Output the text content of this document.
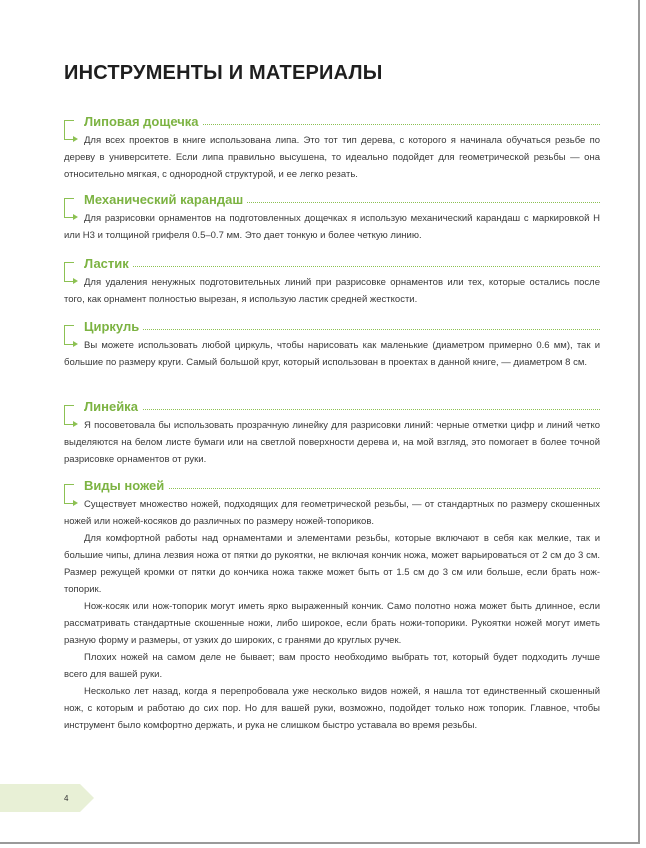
ИНСТРУМЕНТЫ И МАТЕРИАЛЫ
Липовая дощечка

Для всех проектов в книге использована липа. Это тот тип дерева, с которого я начинала обучаться резьбе по дереву в университете. Если липа правильно высушена, то идеально подойдет для геометрической резьбы — она относительно мягкая, с однородной структурой, и ее легко резать.

Механический карандаш

Для разрисовки орнаментов на подготовленных дощечках я использую механический карандаш с маркировкой H или H3 и толщиной грифеля 0.5–0.7 мм. Это дает тонкую и более четкую линию.

Ластик

Для удаления ненужных подготовительных линий при разрисовке орнаментов или тех, которые остались после того, как орнамент полностью вырезан, я использую ластик средней жесткости.

Циркуль

Вы можете использовать любой циркуль, чтобы нарисовать как маленькие (диаметром примерно 0.6 мм), так и большие по размеру круги. Самый большой круг, который использован в проектах в данной книге, — диаметром 8 см.

Линейка

Я посоветовала бы использовать прозрачную линейку для разрисовки линий: черные отметки цифр и линий четко выделяются на белом листе бумаги или на светлой поверхности дерева и, на мой взгляд, это помогает в более точной разрисовке орнаментов от руки.

Виды ножей

Существует множество ножей, подходящих для геометрической резьбы, — от стандартных по размеру скошенных ножей или ножей-косяков до различных по размеру ножей-топориков.

Для комфортной работы над орнаментами и элементами резьбы, которые включают в себя как мелкие, так и большие чипы, длина лезвия ножа от пятки до рукоятки, не включая кончик ножа, может варьироваться от 2 см до 3 см. Размер режущей кромки от пятки до кончика ножа также может быть от 1.5 см до 3 см или больше, если брать нож-топорик.

Нож-косяк или нож-топорик могут иметь ярко выраженный кончик. Само полотно ножа может быть длинное, если рассматривать стандартные скошенные ножи, либо широкое, если брать ножи-топорики. Рукоятки ножей могут иметь разную форму и размеры, от узких до широких, с гранями до круглых ручек.

Плохих ножей на самом деле не бывает; вам просто необходимо выбрать тот, который будет подходить лучше всего для вашей руки.

Несколько лет назад, когда я перепробовала уже несколько видов ножей, я нашла тот единственный скошенный нож, с которым и работаю до сих пор. Но для вашей руки, возможно, подойдет только нож топорик. Главное, чтобы инструмент было комфортно держать, и рука не слишком быстро уставала во время резьбы.

4
